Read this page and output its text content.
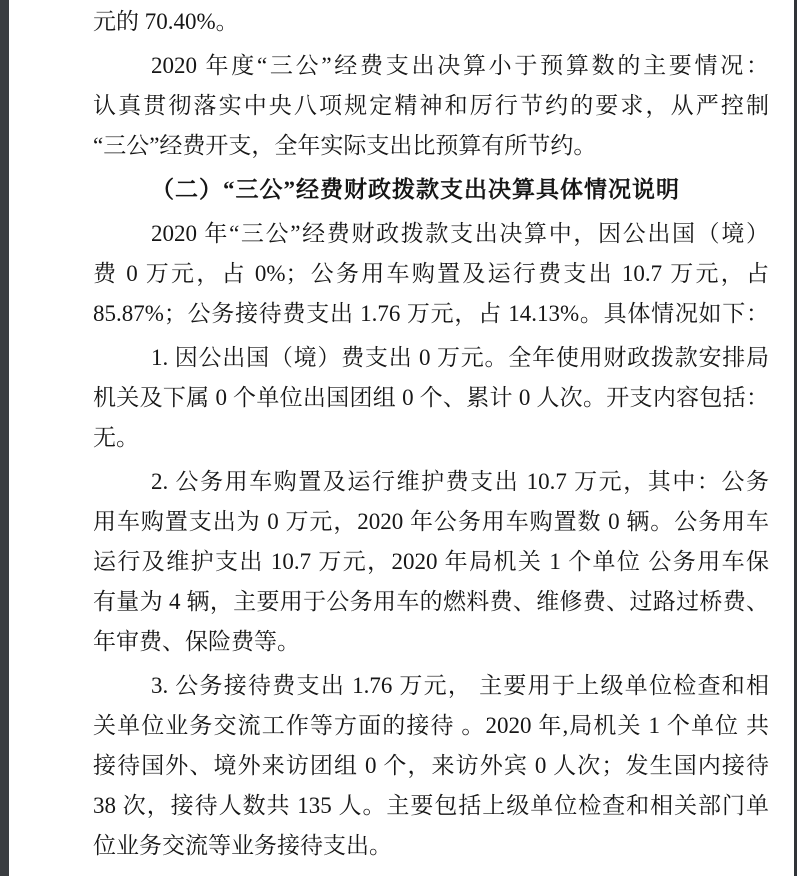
元的 70.40%。
2020 年度“三公”经费支出决算小于预算数的主要情况：
认真贯彻落实中央八项规定精神和厉行节约的要求，从严控制
“三公”经费开支，全年实际支出比预算有所节约。
（二）“三公”经费财政拨款支出决算具体情况说明
2020 年“三公”经费财政拨款支出决算中，因公出国（境）
费 0 万元，占 0%；公务用车购置及运行费支出 10.7 万元，占
85.87%；公务接待费支出 1.76 万元，占 14.13%。具体情况如下：
1. 因公出国（境）费支出 0 万元。全年使用财政拨款安排局
机关及下属 0 个单位出国团组 0 个、累计 0 人次。开支内容包括：
无。
2. 公务用车购置及运行维护费支出 10.7 万元，其中：公务
用车购置支出为 0 万元，2020 年公务用车购置数 0 辆。公务用车
运行及维护支出 10.7 万元，2020 年局机关 1 个单位 公务用车保
有量为 4 辆，主要用于公务用车的燃料费、维修费、过路过桥费、
年审费、保险费等。
3. 公务接待费支出 1.76 万元， 主要用于上级单位检查和相
关单位业务交流工作等方面的接待 。2020 年,局机关 1 个单位 共
接待国外、境外来访团组 0 个，来访外宾 0 人次；发生国内接待
38 次，接待人数共 135 人。主要包括上级单位检查和相关部门单
位业务交流等业务接待支出。
